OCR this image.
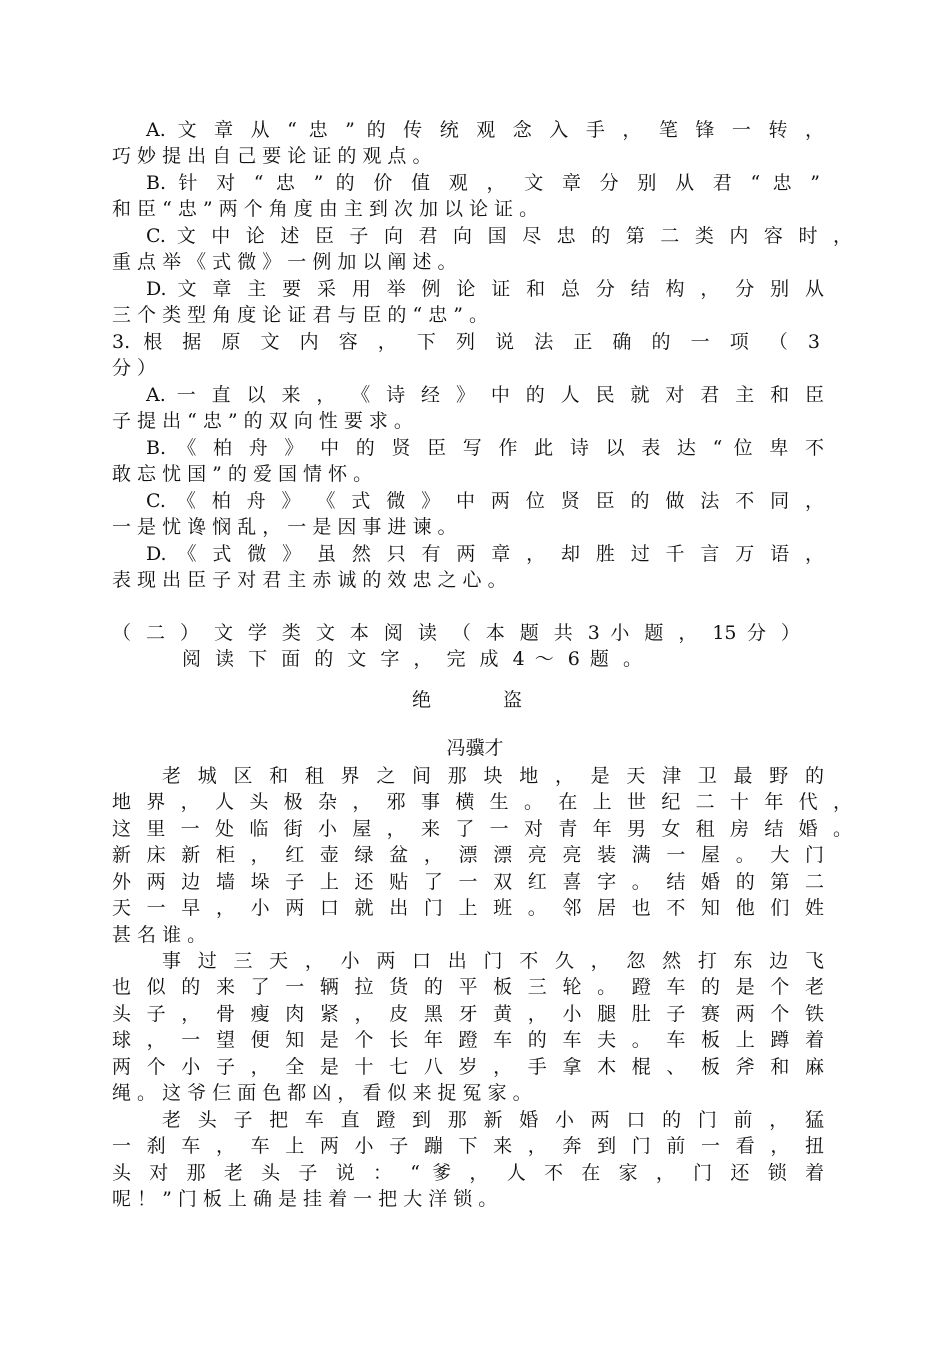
A. 文 章 从 “ 忠 ” 的 传 统 观 念 入 手 ， 笔 锋 一 转 ，
巧 妙 提 出 自 己 要 论 证 的 观 点 。
B. 针 对 “ 忠 ” 的 价 值 观 ， 文 章 分 别 从 君 “ 忠 ”
和 臣 “ 忠 ” 两 个 角 度 由 主 到 次 加 以 论 证 。
C. 文 中 论 述 臣 子 向 君 向 国 尽 忠 的 第 二 类 内 容 时 ，
重 点 举 《 式 微 》 一 例 加 以 阐 述 。
D. 文 章 主 要 采 用 举 例 论 证 和 总 分 结 构 ， 分 别 从
三 个 类 型 角 度 论 证 君 与 臣 的 “ 忠 ” 。
3. 根 据 原 文 内 容 ， 下 列 说 法 正 确 的 一 项 （ 3
分 ）
A. 一 直 以 来 ， 《 诗 经 》 中 的 人 民 就 对 君 主 和 臣
子 提 出 “ 忠 ” 的 双 向 性 要 求 。
B. 《 柏 舟 》 中 的 贤 臣 写 作 此 诗 以 表 达 “ 位 卑 不
敢 忘 忧 国 ” 的 爱 国 情 怀 。
C. 《 柏 舟 》 《 式 微 》 中 两 位 贤 臣 的 做 法 不 同 ，
一 是 忧 谗 悯 乱 ， 一 是 因 事 进 谏 。
D. 《 式 微 》 虽 然 只 有 两 章 ， 却 胜 过 千 言 万 语 ，
表 现 出 臣 子 对 君 主 赤 诚 的 效 忠 之 心 。
（ 二 ） 文 学 类 文 本 阅 读 （ 本 题 共 3 小 题 ， 15 分 ）
阅 读 下 面 的 文 字 ， 完 成 4 ～ 6 题 。
绝 盗
冯骥才
老 城 区 和 租 界 之 间 那 块 地 ， 是 天 津 卫 最 野 的
地 界 ， 人 头 极 杂 ， 邪 事 横 生 。 在 上 世 纪 二 十 年 代 ，
这 里 一 处 临 街 小 屋 ， 来 了 一 对 青 年 男 女 租 房 结 婚 。
新 床 新 柜 ， 红 壶 绿 盆 ， 漂 漂 亮 亮 装 满 一 屋 。 大 门
外 两 边 墙 垛 子 上 还 贴 了 一 双 红 喜 字 。 结 婚 的 第 二
天 一 早 ， 小 两 口 就 出 门 上 班 。 邻 居 也 不 知 他 们 姓
甚 名 谁 。
事 过 三 天 ， 小 两 口 出 门 不 久 ， 忽 然 打 东 边 飞
也 似 的 来 了 一 辆 拉 货 的 平 板 三 轮 。 蹬 车 的 是 个 老
头 子 ， 骨 瘦 肉 紧 ， 皮 黑 牙 黄 ， 小 腿 肚 子 赛 两 个 铁
球 ， 一 望 便 知 是 个 长 年 蹬 车 的 车 夫 。 车 板 上 蹲 着
两 个 小 子 ， 全 是 十 七 八 岁 ， 手 拿 木 棍 、 板 斧 和 麻
绳 。 这 爷 仨 面 色 都 凶 ， 看 似 来 捉 冤 家 。
老 头 子 把 车 直 蹬 到 那 新 婚 小 两 口 的 门 前 ， 猛
一 刹 车 ， 车 上 两 小 子 蹦 下 来 ， 奔 到 门 前 一 看 ， 扭
头 对 那 老 头 子 说 ： “ 爹 ， 人 不 在 家 ， 门 还 锁 着
呢 ！ ” 门 板 上 确 是 挂 着 一 把 大 洋 锁 。
